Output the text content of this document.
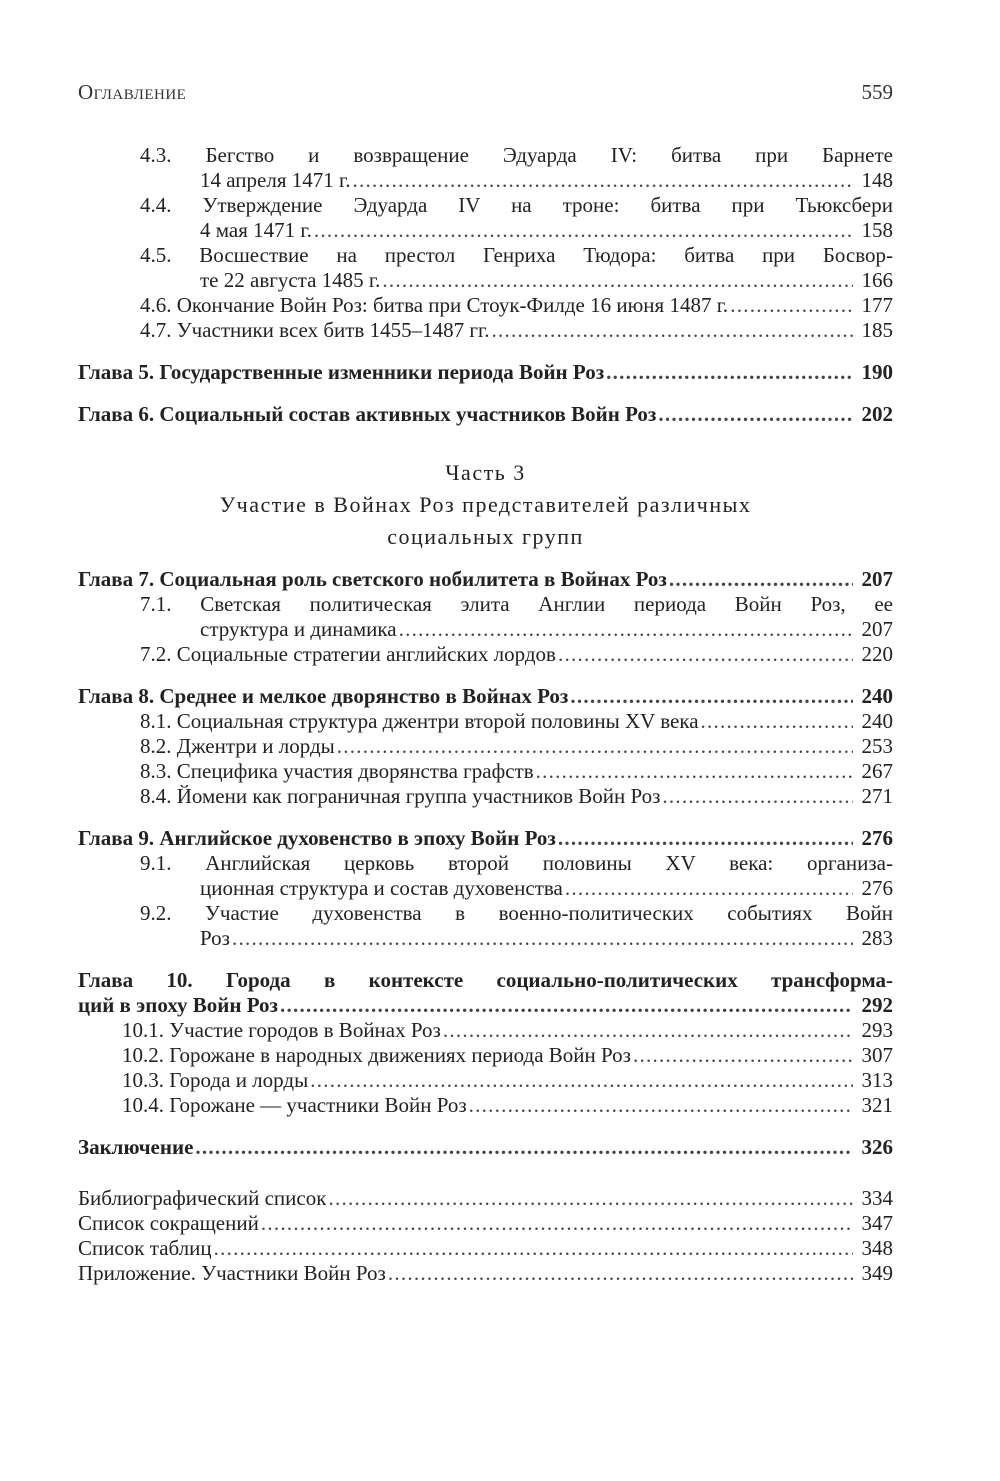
Оглавление	559
4.3. Бегство и возвращение Эдуарда IV: битва при Барнете
14 апреля 1471 г. . . .	148
4.4. Утверждение Эдуарда IV на троне: битва при Тьюксбери
4 мая 1471 г. . . .	158
4.5. Восшествие на престол Генриха Тюдора: битва при Босвор-
те 22 августа 1485 г. . . .	166
4.6. Окончание Войн Роз: битва при Стоук-Филде 16 июня 1487 г. . . .	177
4.7. Участники всех битв 1455–1487 гг. . . .	185
Глава 5. Государственные изменники периода Войн Роз . . .	190
Глава 6. Социальный состав активных участников Войн Роз . . .	202
Часть 3
Участие в Войнах Роз представителей различных
социальных групп
Глава 7. Социальная роль светского нобилитета в Войнах Роз . . .	207
7.1. Светская политическая элита Англии периода Войн Роз, ее
структура и динамика . . .	207
7.2. Социальные стратегии английских лордов . . .	220
Глава 8. Среднее и мелкое дворянство в Войнах Роз . . .	240
8.1. Социальная структура джентри второй половины XV века . . .	240
8.2. Джентри и лорды . . .	253
8.3. Специфика участия дворянства графств . . .	267
8.4. Йомени как пограничная группа участников Войн Роз . . .	271
Глава 9. Английское духовенство в эпоху Войн Роз . . .	276
9.1. Английская церковь второй половины XV века: организа-
ционная структура и состав духовенства . . .	276
9.2. Участие духовенства в военно-политических событиях Войн
Роз . . .	283
Глава 10. Города в контексте социально-политических трансформа-
ций в эпоху Войн Роз . . .	292
10.1. Участие городов в Войнах Роз . . .	293
10.2. Горожане в народных движениях периода Войн Роз . . .	307
10.3. Города и лорды . . .	313
10.4. Горожане — участники Войн Роз . . .	321
Заключение . . .	326
Библиографический список . . .	334
Список сокращений . . .	347
Список таблиц . . .	348
Приложение. Участники Войн Роз . . .	349
